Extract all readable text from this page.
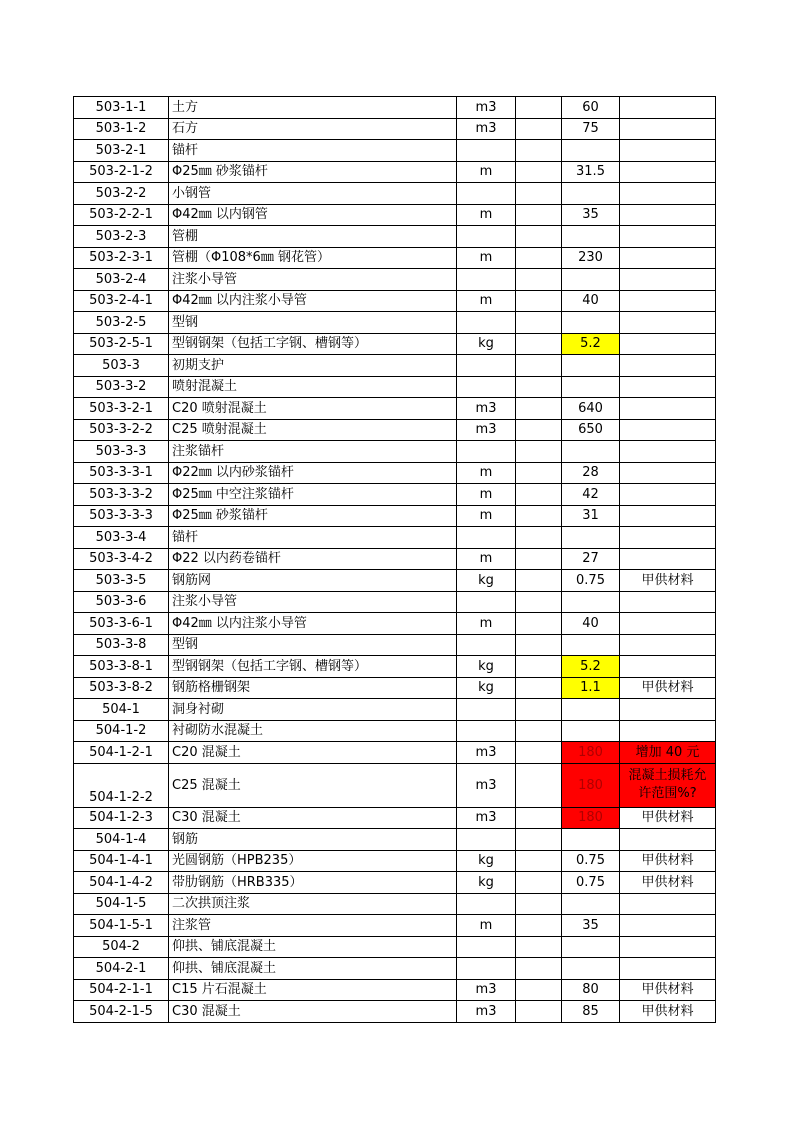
503-1-1	土方	m3		60	
503-1-2	石方	m3		75	
503-2-1	锚杆				
503-2-1-2	Φ25㎜ 砂浆锚杆	m		31.5	
503-2-2	小钢管				
503-2-2-1	Φ42㎜ 以内钢管	m		35	
503-2-3	管棚				
503-2-3-1	管棚（Φ108*6㎜ 钢花管）	m		230	
503-2-4	注浆小导管				
503-2-4-1	Φ42㎜ 以内注浆小导管	m		40	
503-2-5	型钢				
503-2-5-1	型钢钢架（包括工字钢、槽钢等）	kg		5.2	
503-3	初期支护				
503-3-2	喷射混凝土				
503-3-2-1	C20 喷射混凝土	m3		640	
503-3-2-2	C25 喷射混凝土	m3		650	
503-3-3	注浆锚杆				
503-3-3-1	Φ22㎜ 以内砂浆锚杆	m		28	
503-3-3-2	Φ25㎜ 中空注浆锚杆	m		42	
503-3-3-3	Φ25㎜ 砂浆锚杆	m		31	
503-3-4	锚杆				
503-3-4-2	Φ22 以内药卷锚杆	m		27	
503-3-5	钢筋网	kg		0.75	甲供材料
503-3-6	注浆小导管				
503-3-6-1	Φ42㎜ 以内注浆小导管	m		40	
503-3-8	型钢				
503-3-8-1	型钢钢架（包括工字钢、槽钢等）	kg		5.2	
503-3-8-2	钢筋格栅钢架	kg		1.1	甲供材料
504-1	洞身衬砌				
504-1-2	衬砌防水混凝土				
504-1-2-1	C20 混凝土	m3		180	增加 40 元
504-1-2-2	C25 混凝土	m3		180	混凝土损耗允许范围%?
504-1-2-3	C30 混凝土	m3		180	甲供材料
504-1-4	钢筋				
504-1-4-1	光圆钢筋（HPB235）	kg		0.75	甲供材料
504-1-4-2	带肋钢筋（HRB335）	kg		0.75	甲供材料
504-1-5	二次拱顶注浆				
504-1-5-1	注浆管	m		35	
504-2	仰拱、铺底混凝土				
504-2-1	仰拱、铺底混凝土				
504-2-1-1	C15 片石混凝土	m3		80	甲供材料
504-2-1-5	C30 混凝土	m3		85	甲供材料
